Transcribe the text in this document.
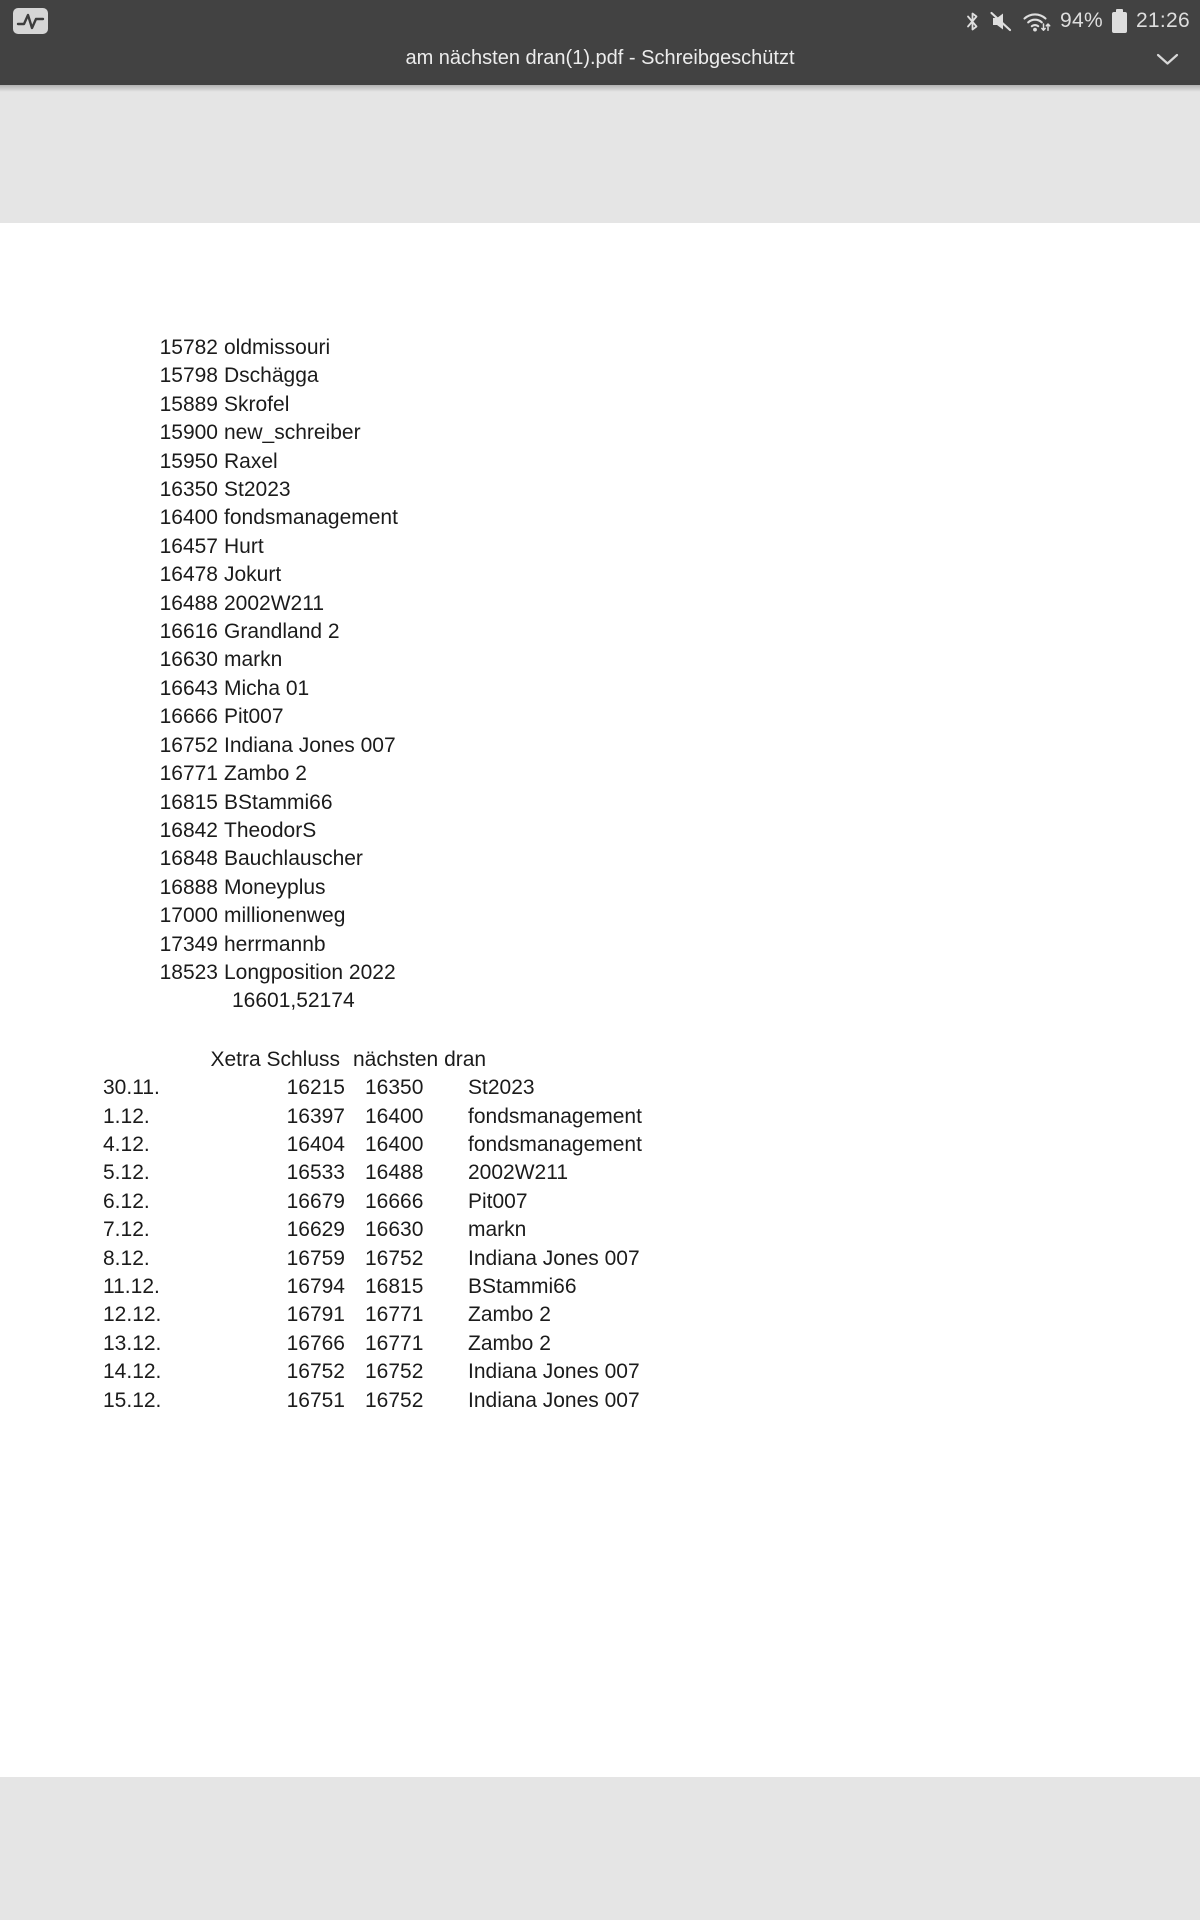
94% 21:26
am nächsten dran(1).pdf - Schreibgeschützt
15782 oldmissouri
15798 Dschägga
15889 Skrofel
15900 new_schreiber
15950 Raxel
16350 St2023
16400 fondsmanagement
16457 Hurt
16478 Jokurt
16488 2002W211
16616 Grandland 2
16630 markn
16643 Micha 01
16666 Pit007
16752 Indiana Jones 007
16771 Zambo 2
16815 BStammi66
16842 TheodorS
16848 Bauchlauscher
16888 Moneyplus
17000 millionenweg
17349 herrmannb
18523 Longposition 2022
16601,52174
Xetra Schluss nächsten dran
30.11.	16215 16350	St2023
1.12.	16397 16400	fondsmanagement
4.12.	16404 16400	fondsmanagement
5.12.	16533 16488	2002W211
6.12.	16679 16666	Pit007
7.12.	16629 16630	markn
8.12.	16759 16752	Indiana Jones 007
11.12.	16794 16815	BStammi66
12.12.	16791 16771	Zambo 2
13.12.	16766 16771	Zambo 2
14.12.	16752 16752	Indiana Jones 007
15.12.	16751 16752	Indiana Jones 007
